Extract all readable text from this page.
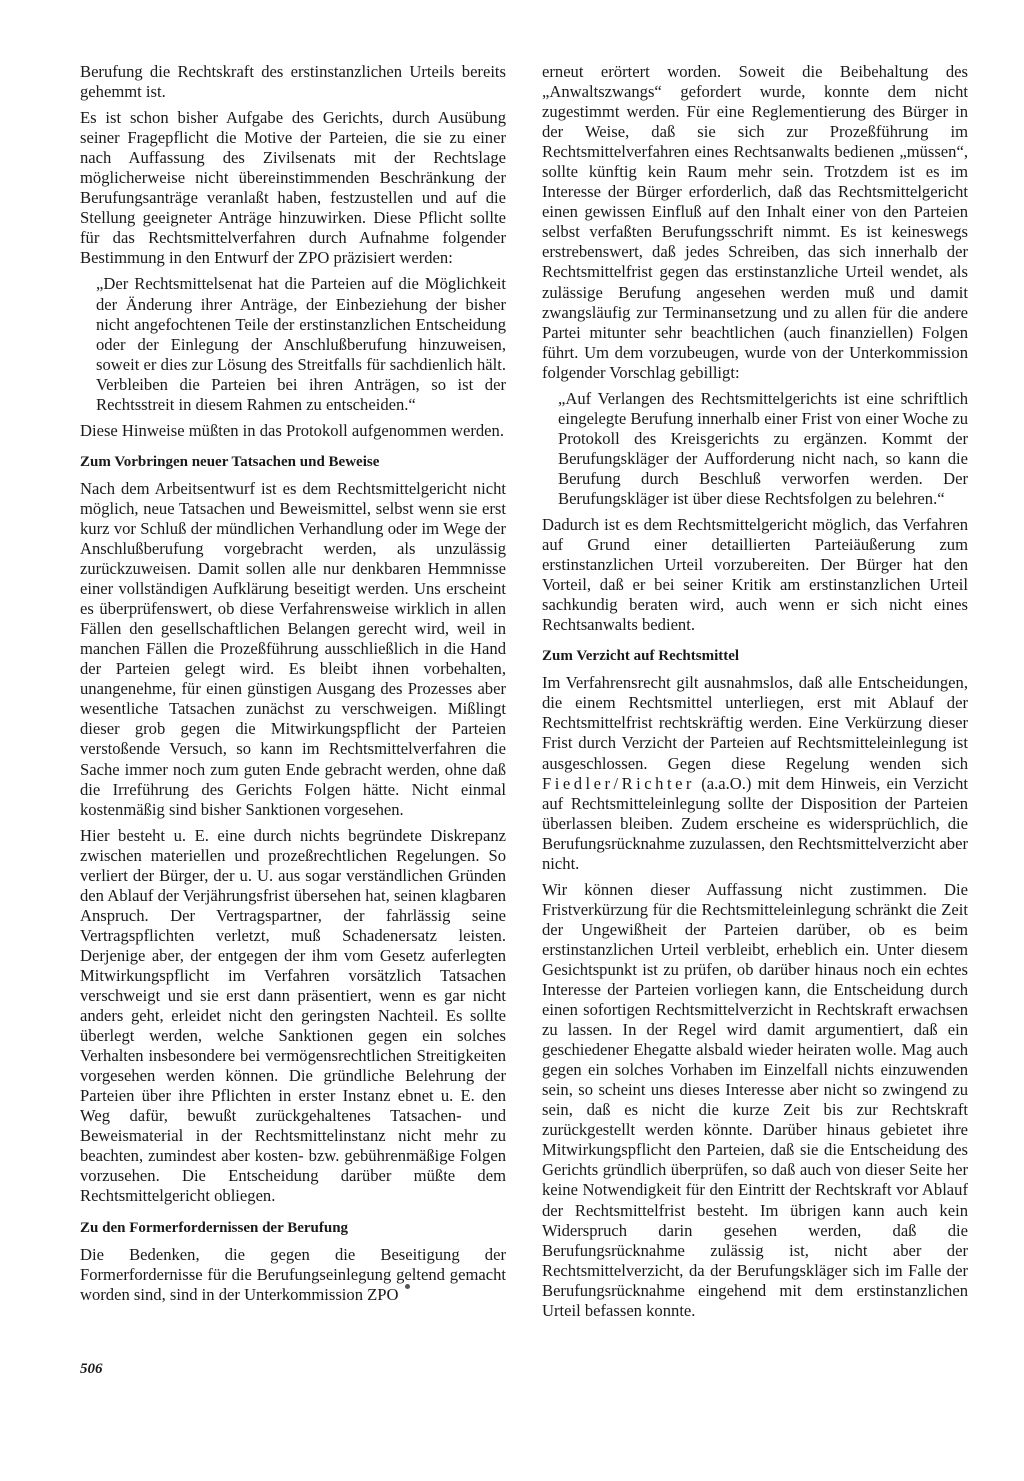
Berufung die Rechtskraft des erstinstanzlichen Urteils bereits gehemmt ist.

Es ist schon bisher Aufgabe des Gerichts, durch Ausübung seiner Fragepflicht die Motive der Parteien, die sie zu einer nach Auffassung des Zivilsenats mit der Rechtslage möglicherweise nicht übereinstimmenden Beschränkung der Berufungsanträge veranlaßt haben, festzustellen und auf die Stellung geeigneter Anträge hinzuwirken. Diese Pflicht sollte für das Rechtsmittelverfahren durch Aufnahme folgender Bestimmung in den Entwurf der ZPO präzisiert werden:

„Der Rechtsmittelsenat hat die Parteien auf die Möglichkeit der Änderung ihrer Anträge, der Einbeziehung der bisher nicht angefochtenen Teile der erstinstanzlichen Entscheidung oder der Einlegung der Anschlußberufung hinzuweisen, soweit er dies zur Lösung des Streitfalls für sachdienlich hält. Verbleiben die Parteien bei ihren Anträgen, so ist der Rechtsstreit in diesem Rahmen zu entscheiden.“

Diese Hinweise müßten in das Protokoll aufgenommen werden.

Zum Vorbringen neuer Tatsachen und Beweise

Nach dem Arbeitsentwurf ist es dem Rechtsmittelgericht nicht möglich, neue Tatsachen und Beweismittel, selbst wenn sie erst kurz vor Schluß der mündlichen Verhandlung oder im Wege der Anschlußberufung vorgebracht werden, als unzulässig zurückzuweisen. Damit sollen alle nur denkbaren Hemmnisse einer vollständigen Aufklärung beseitigt werden. Uns erscheint es überprüfenswert, ob diese Verfahrensweise wirklich in allen Fällen den gesellschaftlichen Belangen gerecht wird, weil in manchen Fällen die Prozeßführung ausschließlich in die Hand der Parteien gelegt wird. Es bleibt ihnen vorbehalten, unangenehme, für einen günstigen Ausgang des Prozesses aber wesentliche Tatsachen zunächst zu verschweigen. Mißlingt dieser grob gegen die Mitwirkungspflicht der Parteien verstoßende Versuch, so kann im Rechtsmittelverfahren die Sache immer noch zum guten Ende gebracht werden, ohne daß die Irreführung des Gerichts Folgen hätte. Nicht einmal kostenmäßig sind bisher Sanktionen vorgesehen.

Hier besteht u. E. eine durch nichts begründete Diskrepanz zwischen materiellen und prozeßrechtlichen Regelungen. So verliert der Bürger, der u. U. aus sogar verständlichen Gründen den Ablauf der Verjährungsfrist übersehen hat, seinen klagbaren Anspruch. Der Vertragspartner, der fahrlässig seine Vertragspflichten verletzt, muß Schadenersatz leisten. Derjenige aber, der entgegen der ihm vom Gesetz auferlegten Mitwirkungspflicht im Verfahren vorsätzlich Tatsachen verschweigt und sie erst dann präsentiert, wenn es gar nicht anders geht, erleidet nicht den geringsten Nachteil. Es sollte überlegt werden, welche Sanktionen gegen ein solches Verhalten insbesondere bei vermögensrechtlichen Streitigkeiten vorgesehen werden können. Die gründliche Belehrung der Parteien über ihre Pflichten in erster Instanz ebnet u. E. den Weg dafür, bewußt zurückgehaltenes Tatsachen- und Beweismaterial in der Rechtsmittelinstanz nicht mehr zu beachten, zumindest aber kosten- bzw. gebührenmäßige Folgen vorzusehen. Die Entscheidung darüber müßte dem Rechtsmittelgericht obliegen.

Zu den Formerfordernissen der Berufung

Die Bedenken, die gegen die Beseitigung der Formerfordernisse für die Berufungseinlegung geltend gemacht worden sind, sind in der Unterkommission ZPO

erneut erörtert worden. Soweit die Beibehaltung des „Anwaltszwangs“ gefordert wurde, konnte dem nicht zugestimmt werden. Für eine Reglementierung des Bürger in der Weise, daß sie sich zur Prozeßführung im Rechtsmittelverfahren eines Rechtsanwalts bedienen „müssen“, sollte künftig kein Raum mehr sein. Trotzdem ist es im Interesse der Bürger erforderlich, daß das Rechtsmittelgericht einen gewissen Einfluß auf den Inhalt einer von den Parteien selbst verfaßten Berufungsschrift nimmt. Es ist keineswegs erstrebenswert, daß jedes Schreiben, das sich innerhalb der Rechtsmittelfrist gegen das erstinstanzliche Urteil wendet, als zulässige Berufung angesehen werden muß und damit zwangsläufig zur Terminansetzung und zu allen für die andere Partei mitunter sehr beachtlichen (auch finanziellen) Folgen führt. Um dem vorzubeugen, wurde von der Unterkommission folgender Vorschlag gebilligt:

„Auf Verlangen des Rechtsmittelgerichts ist eine schriftlich eingelegte Berufung innerhalb einer Frist von einer Woche zu Protokoll des Kreisgerichts zu ergänzen. Kommt der Berufungskläger der Aufforderung nicht nach, so kann die Berufung durch Beschluß verworfen werden. Der Berufungskläger ist über diese Rechtsfolgen zu belehren.“

Dadurch ist es dem Rechtsmittelgericht möglich, das Verfahren auf Grund einer detaillierten Parteiäußerung zum erstinstanzlichen Urteil vorzubereiten. Der Bürger hat den Vorteil, daß er bei seiner Kritik am erstinstanzlichen Urteil sachkundig beraten wird, auch wenn er sich nicht eines Rechtsanwalts bedient.

Zum Verzicht auf Rechtsmittel

Im Verfahrensrecht gilt ausnahmslos, daß alle Entscheidungen, die einem Rechtsmittel unterliegen, erst mit Ablauf der Rechtsmittelfrist rechtskräftig werden. Eine Verkürzung dieser Frist durch Verzicht der Parteien auf Rechtsmitteleinlegung ist ausgeschlossen. Gegen diese Regelung wenden sich Fiedler/Richter (a.a.O.) mit dem Hinweis, ein Verzicht auf Rechtsmitteleinlegung sollte der Disposition der Parteien überlassen bleiben. Zudem erscheine es widersprüchlich, die Berufungsrücknahme zuzulassen, den Rechtsmittelverzicht aber nicht.

Wir können dieser Auffassung nicht zustimmen. Die Fristverkürzung für die Rechtsmitteleinlegung schränkt die Zeit der Ungewißheit der Parteien darüber, ob es beim erstinstanzlichen Urteil verbleibt, erheblich ein. Unter diesem Gesichtspunkt ist zu prüfen, ob darüber hinaus noch ein echtes Interesse der Parteien vorliegen kann, die Entscheidung durch einen sofortigen Rechtsmittelverzicht in Rechtskraft erwachsen zu lassen. In der Regel wird damit argumentiert, daß ein geschiedener Ehegatte alsbald wieder heiraten wolle. Mag auch gegen ein solches Vorhaben im Einzelfall nichts einzuwenden sein, so scheint uns dieses Interesse aber nicht so zwingend zu sein, daß es nicht die kurze Zeit bis zur Rechtskraft zurückgestellt werden könnte. Darüber hinaus gebietet ihre Mitwirkungspflicht den Parteien, daß sie die Entscheidung des Gerichts gründlich überprüfen, so daß auch von dieser Seite her keine Notwendigkeit für den Eintritt der Rechtskraft vor Ablauf der Rechtsmittelfrist besteht. Im übrigen kann auch kein Widerspruch darin gesehen werden, daß die Berufungsrücknahme zulässig ist, nicht aber der Rechtsmittelverzicht, da der Berufungskläger sich im Falle der Berufungsrücknahme eingehend mit dem erstinstanzlichen Urteil befassen konnte.

506
